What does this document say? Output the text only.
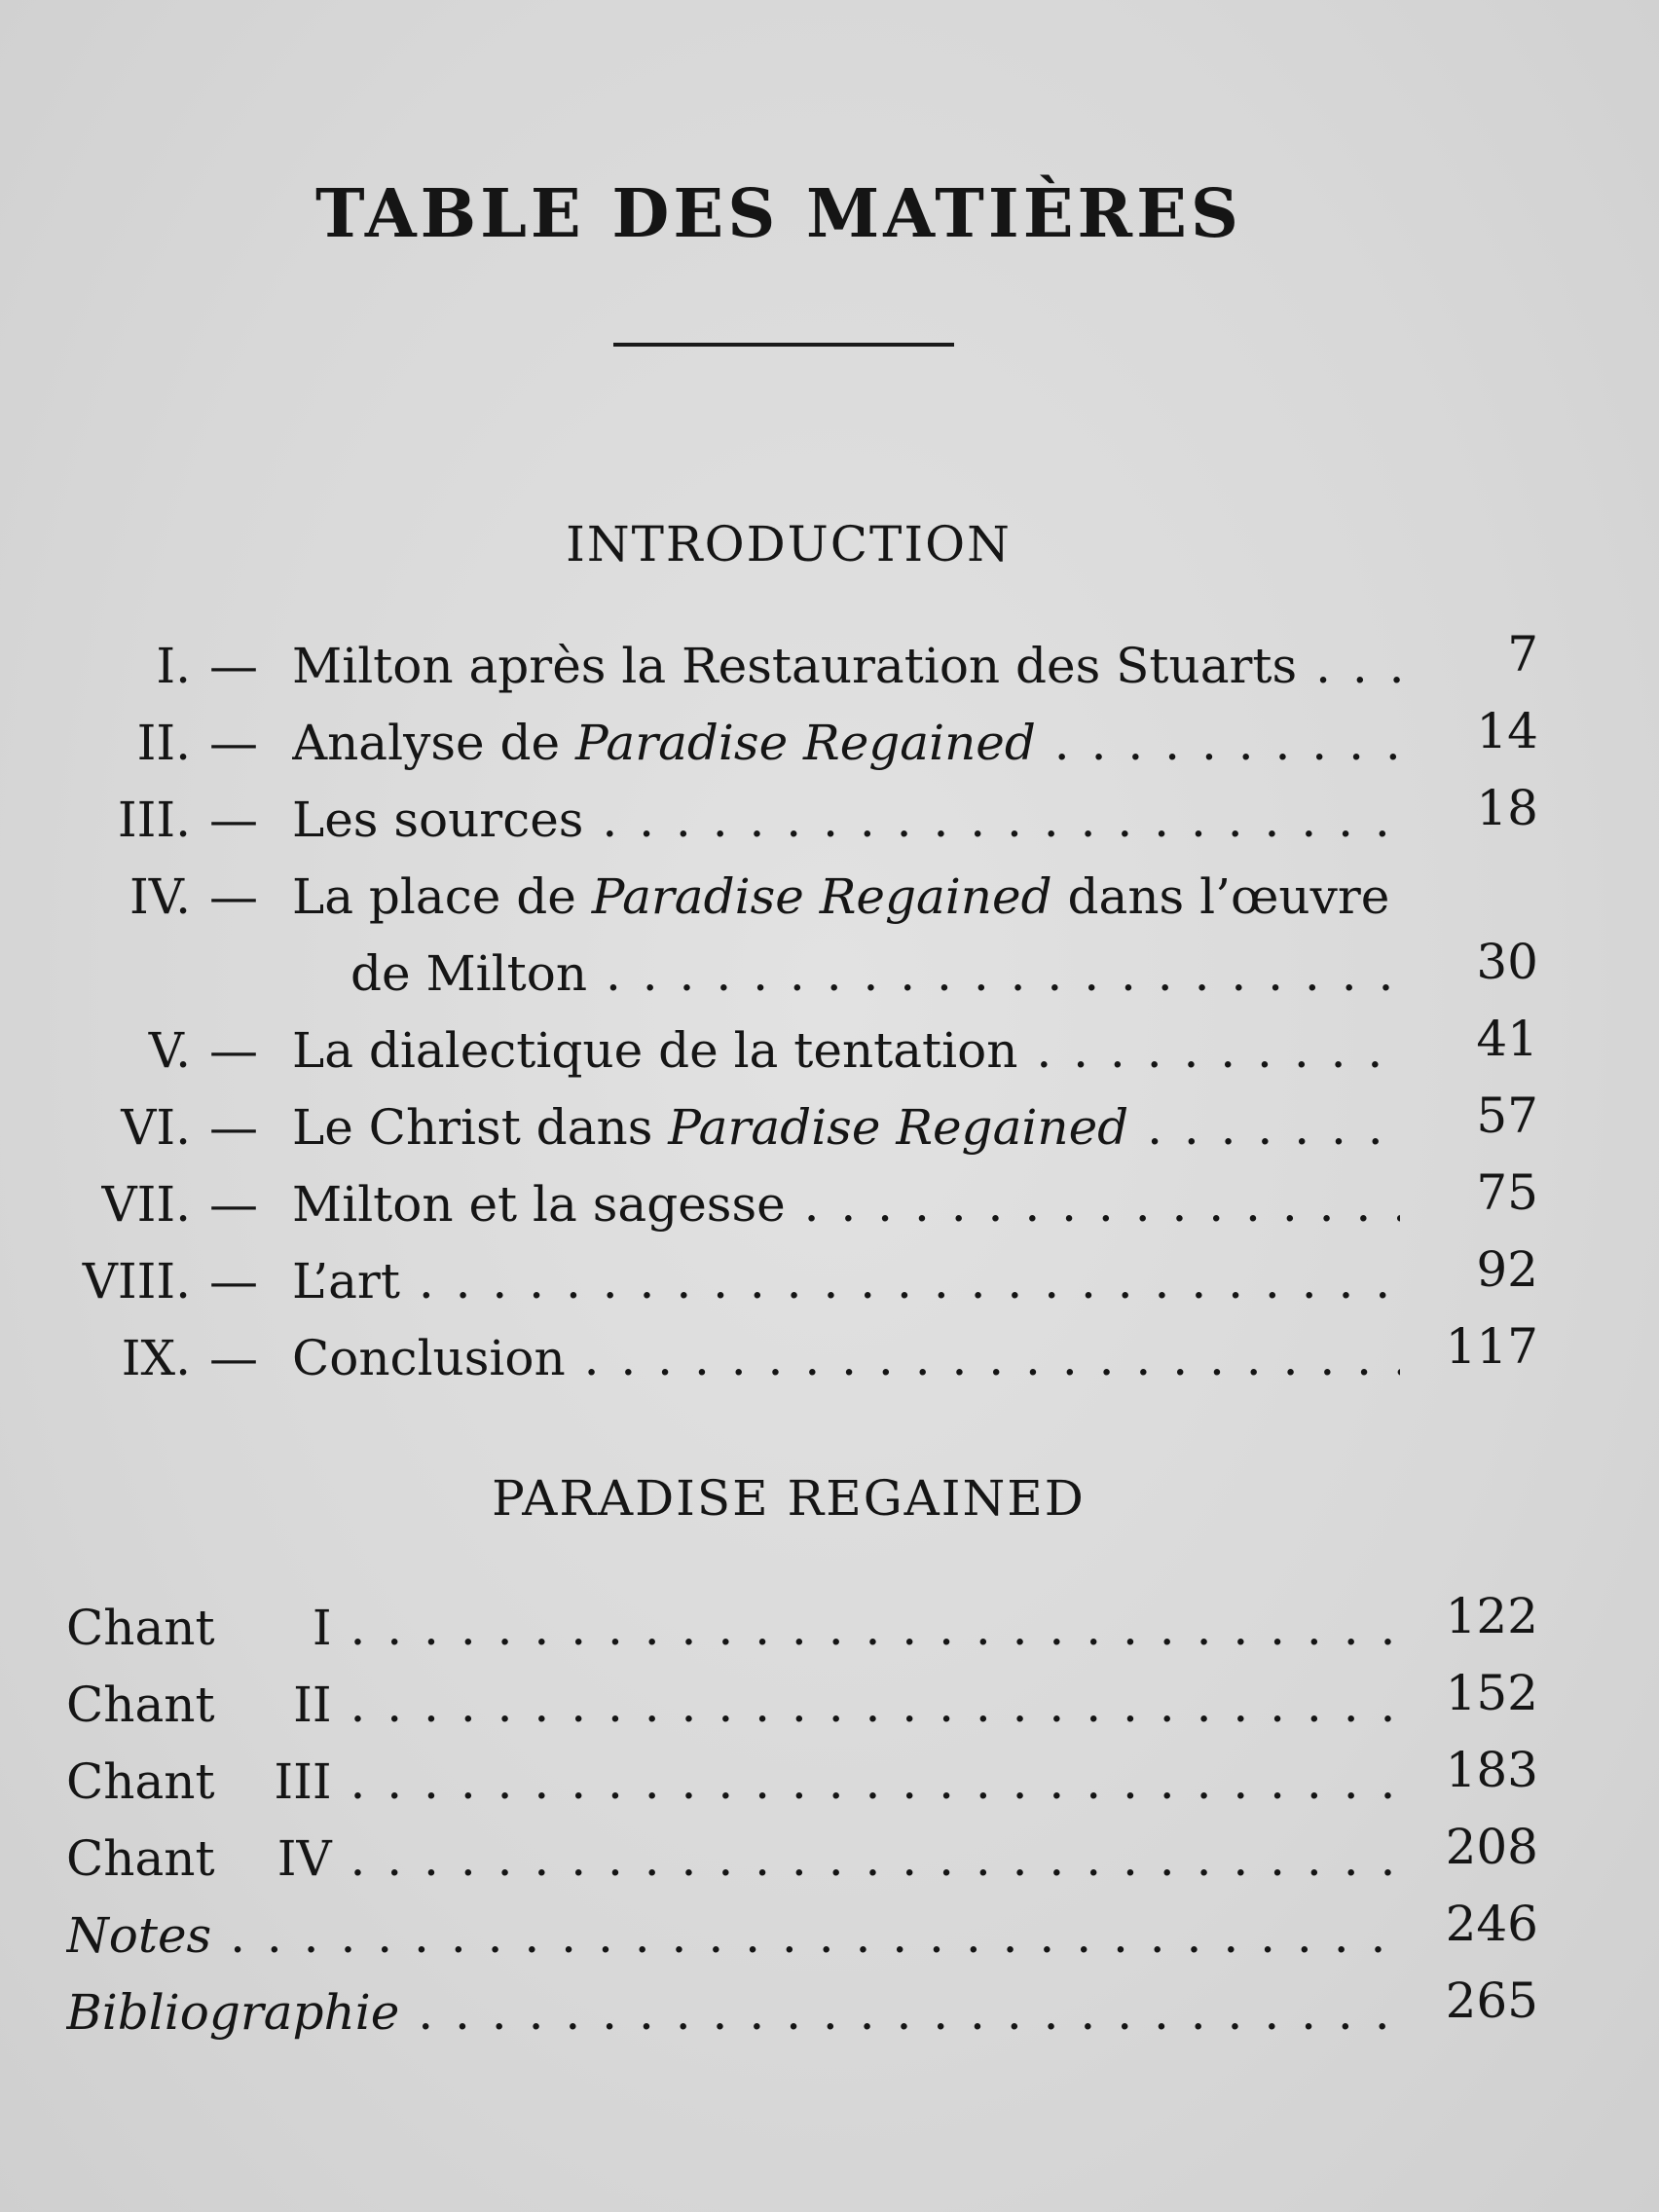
TABLE DES MATIÈRES
INTRODUCTION
I. — Milton après la Restauration des Stuarts . . .	7
II. — Analyse de Paradise Regained . . .	14
III. — Les sources . . .	18
IV. — La place de Paradise Regained dans l’œuvre
de Milton . . .	30
V. — La dialectique de la tentation . . .	41
VI. — Le Christ dans Paradise Regained . . .	57
VII. — Milton et la sagesse . . .	75
VIII. — L’art . . .	92
IX. — Conclusion . . .	117
PARADISE REGAINED
Chant I . . .	122
Chant II . . .	152
Chant III . . .	183
Chant IV . . .	208
Notes . . .	246
Bibliographie . . .	265
